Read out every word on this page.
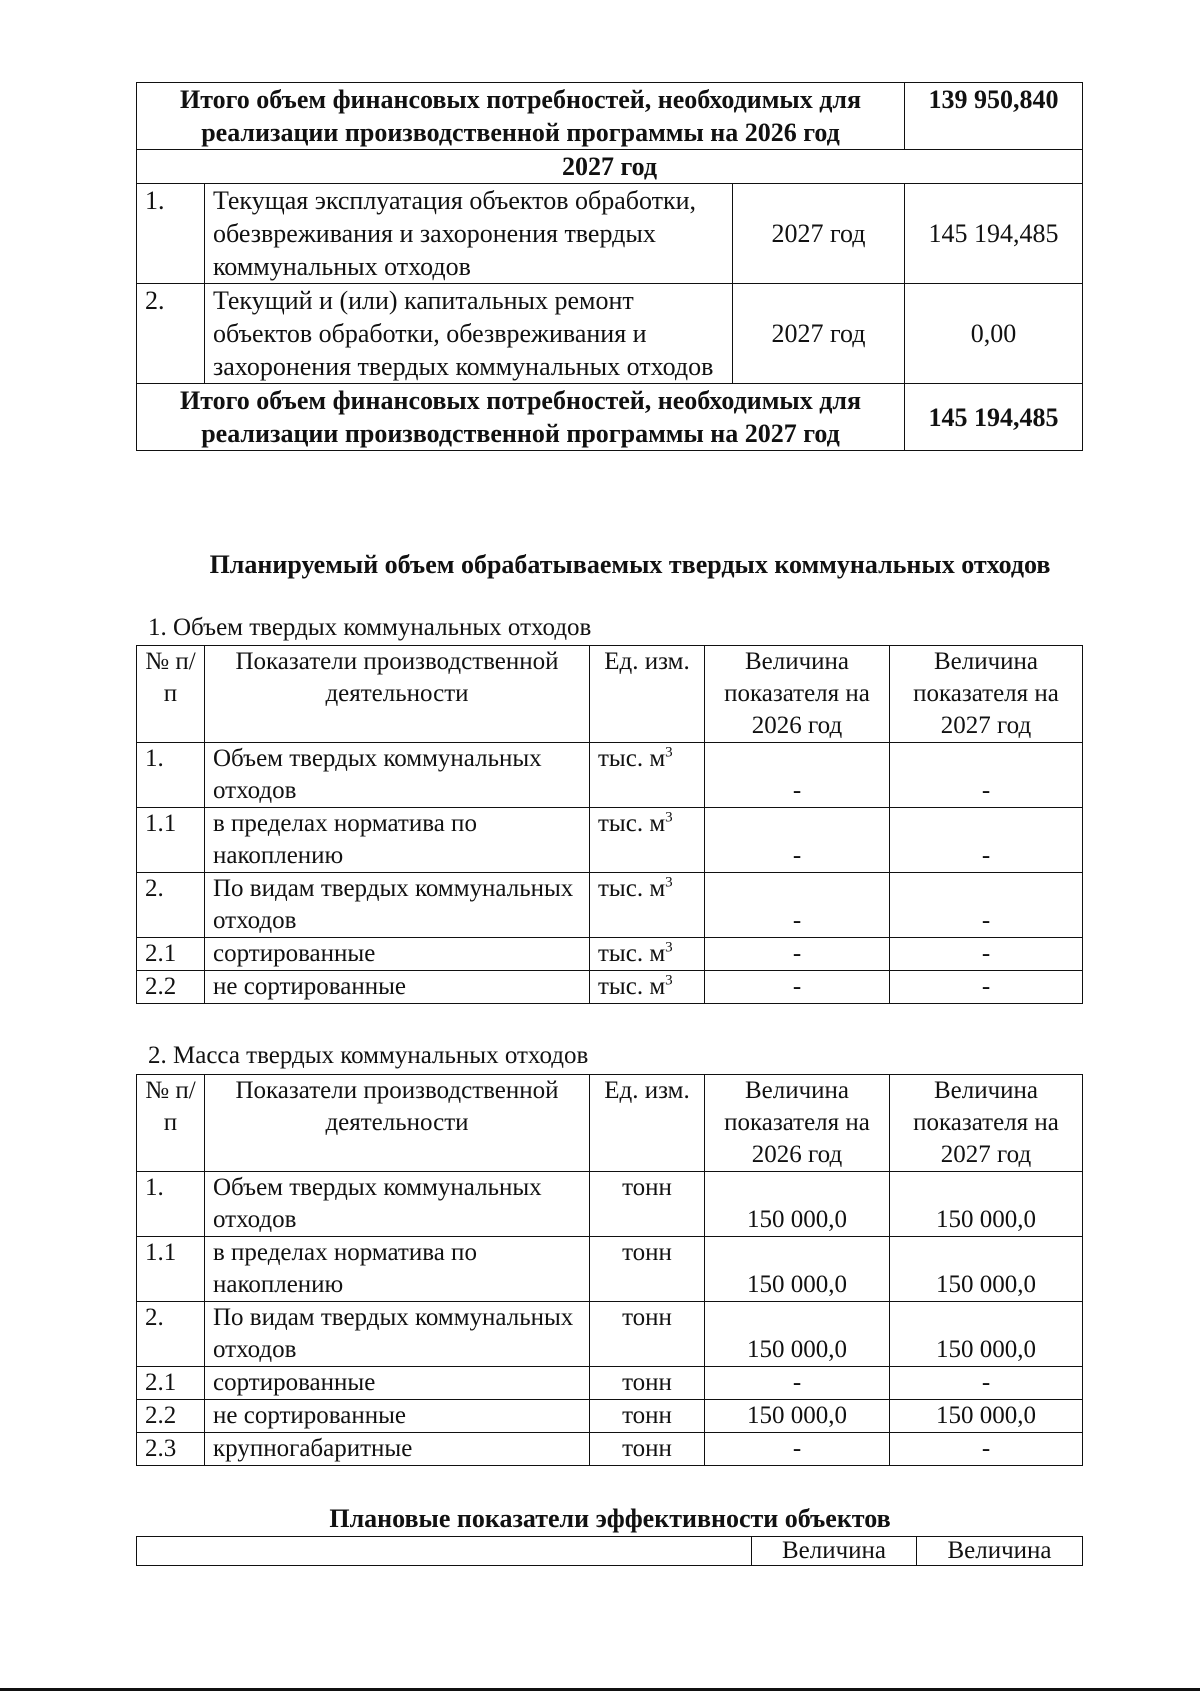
Итого объем финансовых потребностей, необходимых для реализации производственной программы на 2026 год			139 950,840
2027 год			
1.	Текущая эксплуатация объектов обработки, обезвреживания и захоронения твердых коммунальных отходов	2027 год	145 194,485
2.	Текущий и (или) капитальных ремонт объектов обработки, обезвреживания и захоронения твердых коммунальных отходов	2027 год	0,00
Итого объем финансовых потребностей, необходимых для реализации производственной программы на 2027 год			145 194,485
Планируемый объем обрабатываемых твердых коммунальных отходов
1. Объем твердых коммунальных отходов
№ п/п	Показатели производственной деятельности	Ед. изм.	Величина показателя на 2026 год	Величина показателя на 2027 год
1.	Объем твердых коммунальных отходов	тыс. $м^3$	-	-
1.1	в пределах норматива по накоплению	тыс. $м^3$	-	-
2.	По видам твердых коммунальных отходов	тыс. $м^3$	-	-
2.1	сортированные	тыс. $м^3$	-	-
2.2	не сортированные	тыс. $м^3$	-	-
2. Масса твердых коммунальных отходов
№ п/п	Показатели производственной деятельности	Ед. изм.	Величина показателя на 2026 год	Величина показателя на 2027 год
1.	Объем твердых коммунальных отходов	тонн	150 000,0	150 000,0
1.1	в пределах норматива по накоплению	тонн	150 000,0	150 000,0
2.	По видам твердых коммунальных отходов	тонн	150 000,0	150 000,0
2.1	сортированные	тонн	-	-
2.2	не сортированные	тонн	150 000,0	150 000,0
2.3	крупногабаритные	тонн	-	-
Плановые показатели эффективности объектов
	Величина	Величина
